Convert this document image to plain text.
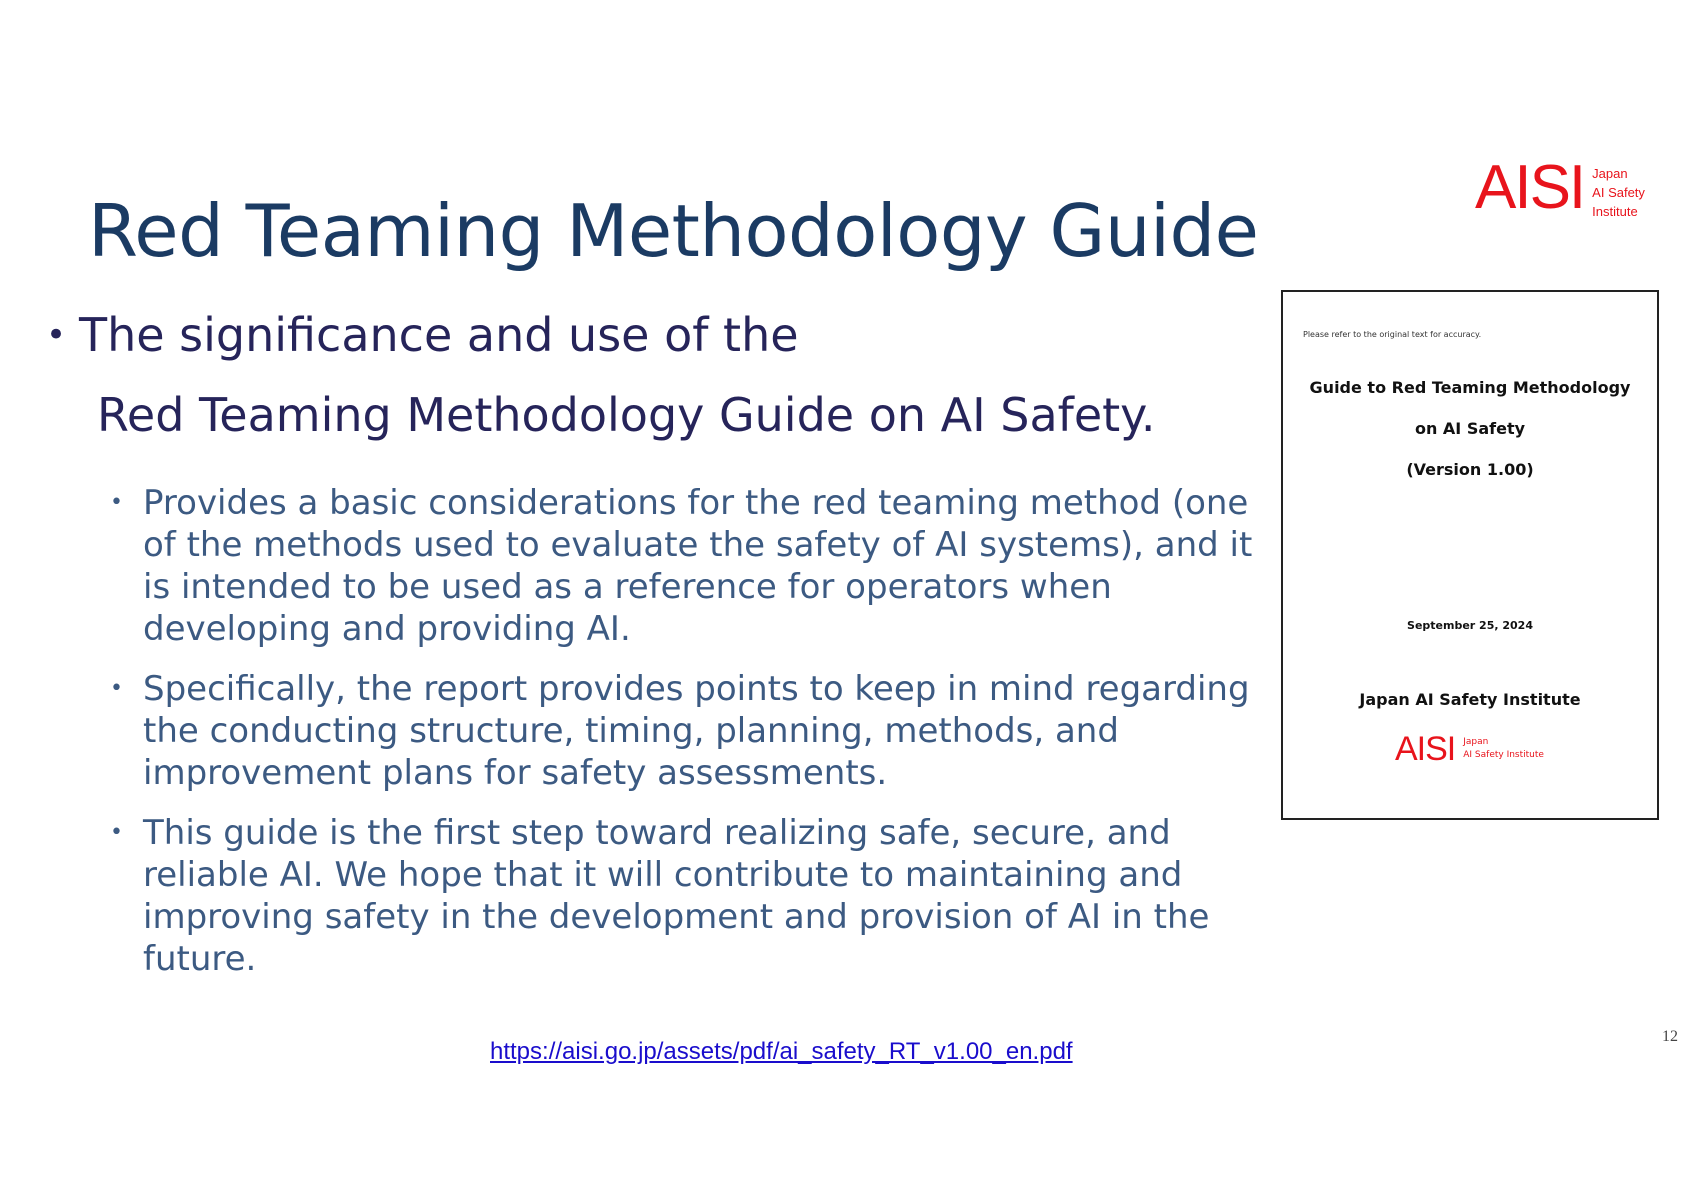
Red Teaming Methodology Guide
AISI Japan
AI Safety
Institute
• The significance and use of the
Red Teaming Methodology Guide on AI Safety.
• Provides a basic considerations for the red teaming method (one of the methods used to evaluate the safety of AI systems), and it is intended to be used as a reference for operators when developing and providing AI.
• Specifically, the report provides points to keep in mind regarding the conducting structure, timing, planning, methods, and improvement plans for safety assessments.
• This guide is the first step toward realizing safe, secure, and reliable AI. We hope that it will contribute to maintaining and improving safety in the development and provision of AI in the future.
Please refer to the original text for accuracy.
Guide to Red Teaming Methodology
on AI Safety
(Version 1.00)
September 25, 2024
Japan AI Safety Institute
AISI Japan
AI Safety Institute
https://aisi.go.jp/assets/pdf/ai_safety_RT_v1.00_en.pdf
12
